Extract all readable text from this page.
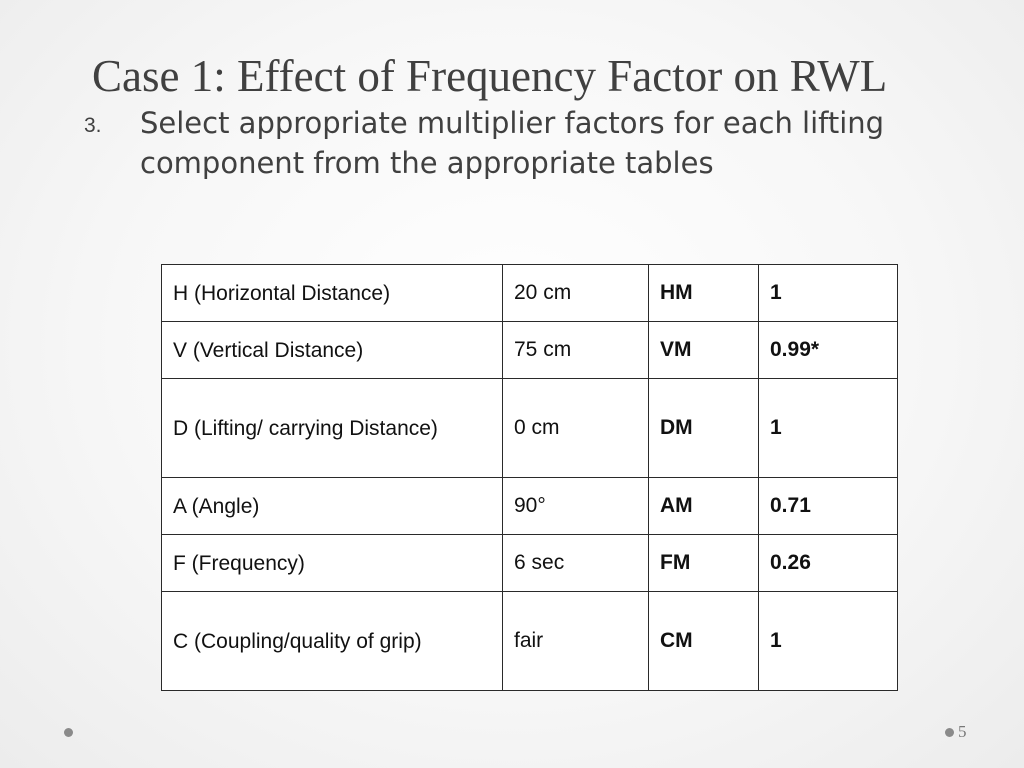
Case 1: Effect of Frequency Factor on RWL
3. Select appropriate multiplier factors for each lifting component from the appropriate tables
H (Horizontal Distance)	20 cm	HM	1
V (Vertical Distance)	75 cm	VM	0.99*
D (Lifting/ carrying Distance)	0 cm	DM	1
A (Angle)	90°	AM	0.71
F (Frequency)	6 sec	FM	0.26
C (Coupling/quality of grip)	fair	CM	1
5
